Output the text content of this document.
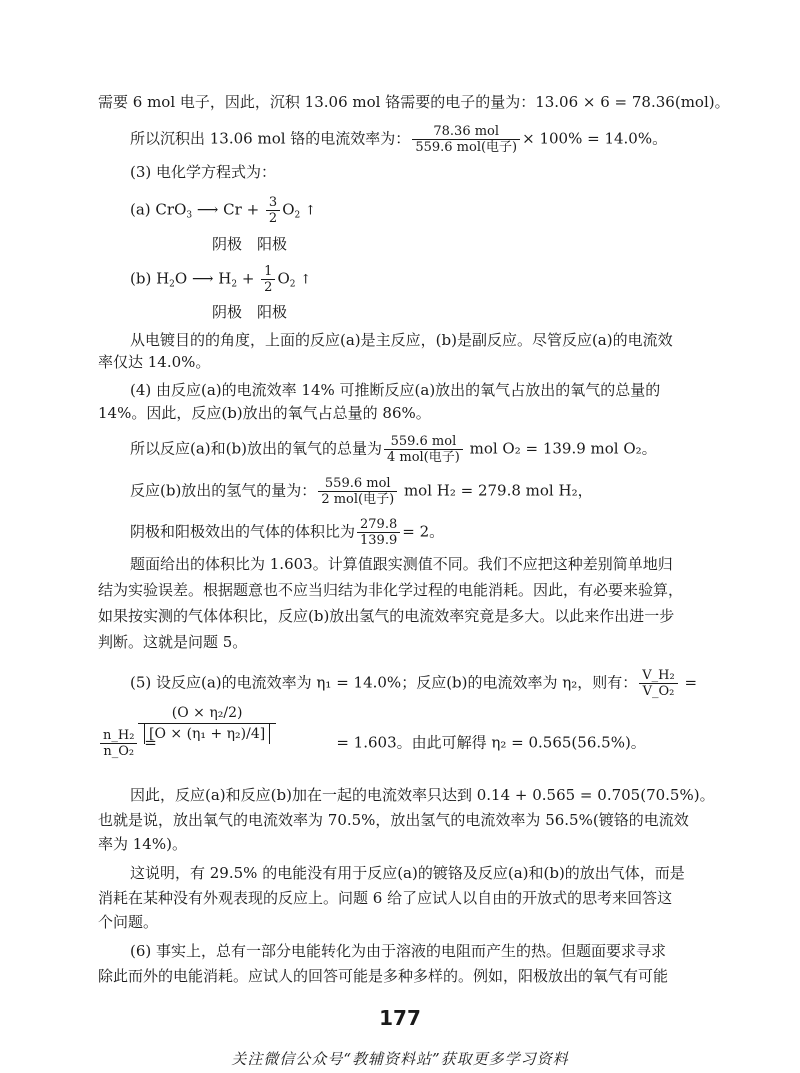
需要 6 mol 电子，因此，沉积 13.06 mol 铬需要的电子的量为：13.06 × 6 = 78.36(mol)。
所以沉积出 13.06 mol 铬的电流效率为： $\frac{\text{78.36 mol}}{\text{559.6 mol(电子)}} \times 100\% = 14.0\%$。
(3) 电化学方程式为：
(a) CrO$_3$ ⟶ $Cr + \frac{3}{2} O_2$ ↑
阴极　阳极
(b) $H_2O$ ⟶ $H_2 + \frac{1}{2} O_2$ ↑
阴极　阳极
从电镀目的的角度，上面的反应(a)是主反应，(b)是副反应。尽管反应(a)的电流效
率仅达 14.0%。
(4) 由反应(a)的电流效率 14% 可推断反应(a)放出的氧气占放出的氧气的总量的
14%。因此，反应(b)放出的氧气占总量的 86%。
所以反应(a)和(b)放出的氧气的总量为 $\frac{\text{559.6 mol}}{\text{4 mol(电子)}}$ mol O₂ = 139.9 mol O₂。
反应(b)放出的氢气的量为： $\frac{\text{559.6 mol}}{\text{2 mol(电子)}}$ mol H₂ = 279.8 mol H₂，
阴极和阳极效出的气体的体积比为 $\frac{279.8}{139.9} = 2$。
题面给出的体积比为 1.603。计算值跟实测值不同。我们不应把这种差别简单地归
结为实验误差。根据题意也不应当归结为非化学过程的电能消耗。因此，有必要来验算，
如果按实测的气体体积比，反应(b)放出氢气的电流效率究竟是多大。以此来作出进一步
判断。这就是问题 5。
(5) 设反应(a)的电流效率为 η₁ = 14.0%；反应(b)的电流效率为 η₂，则有： $\frac{\text{V\_H₂}}{\text{V\_O₂}}$ =
$\frac{\text{n\_H₂}}{\text{n\_O₂}}$ =	= 1.603。由此可解得 η₂ = 0.565(56.5%)。
$\frac{\text{(O × η₂/2)}}{\text{[O × (η₁ + η₂)/4]}}$
因此，反应(a)和反应(b)加在一起的电流效率只达到 0.14 + 0.565 = 0.705(70.5%)。
也就是说，放出氧气的电流效率为 70.5%，放出氢气的电流效率为 56.5%(镀铬的电流效
率为 14%)。
这说明，有 29.5% 的电能没有用于反应(a)的镀铬及反应(a)和(b)的放出气体，而是
消耗在某种没有外观表现的反应上。问题 6 给了应试人以自由的开放式的思考来回答这
个问题。
(6) 事实上，总有一部分电能转化为由于溶液的电阻而产生的热。但题面要求寻求
除此而外的电能消耗。应试人的回答可能是多种多样的。例如，阳极放出的氧气有可能
177
关注微信公众号“教辅资料站”获取更多学习资料
